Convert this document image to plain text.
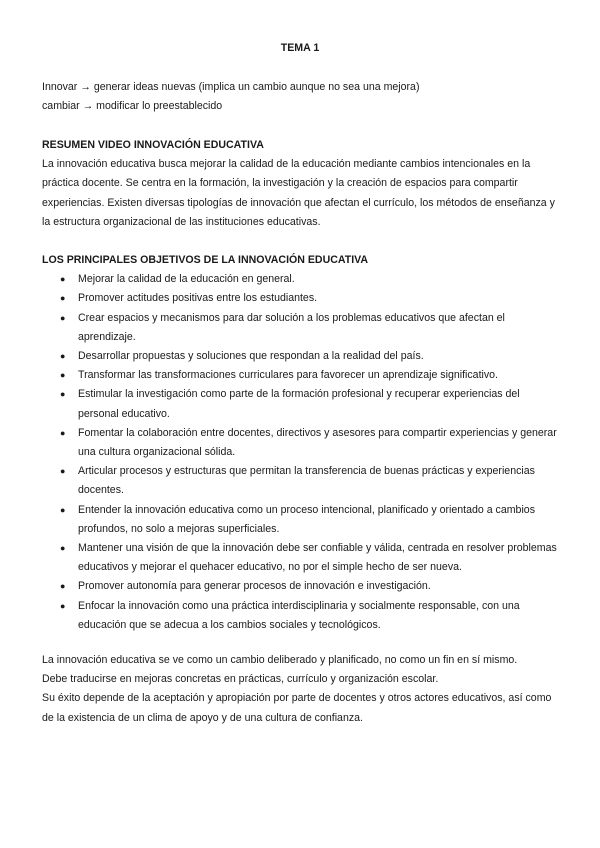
TEMA 1
Innovar → generar ideas nuevas (implica un cambio aunque no sea una mejora)
cambiar → modificar lo preestablecido
RESUMEN VIDEO INNOVACIÓN EDUCATIVA

La innovación educativa busca mejorar la calidad de la educación mediante cambios intencionales en la práctica docente. Se centra en la formación, la investigación y la creación de espacios para compartir experiencias. Existen diversas tipologías de innovación que afectan el currículo, los métodos de enseñanza y la estructura organizacional de las instituciones educativas.

LOS PRINCIPALES OBJETIVOS DE LA INNOVACIÓN EDUCATIVA
● Mejorar la calidad de la educación en general.
● Promover actitudes positivas entre los estudiantes.
● Crear espacios y mecanismos para dar solución a los problemas educativos que afectan el aprendizaje.
● Desarrollar propuestas y soluciones que respondan a la realidad del país.
● Transformar las transformaciones curriculares para favorecer un aprendizaje significativo.
● Estimular la investigación como parte de la formación profesional y recuperar experiencias del personal educativo.
● Fomentar la colaboración entre docentes, directivos y asesores para compartir experiencias y generar una cultura organizacional sólida.
● Articular procesos y estructuras que permitan la transferencia de buenas prácticas y experiencias docentes.
● Entender la innovación educativa como un proceso intencional, planificado y orientado a cambios profundos, no solo a mejoras superficiales.
● Mantener una visión de que la innovación debe ser confiable y válida, centrada en resolver problemas educativos y mejorar el quehacer educativo, no por el simple hecho de ser nueva.
● Promover autonomía para generar procesos de innovación e investigación.
● Enfocar la innovación como una práctica interdisciplinaria y socialmente responsable, con una educación que se adecua a los cambios sociales y tecnológicos.
La innovación educativa se ve como un cambio deliberado y planificado, no como un fin en sí mismo.
Debe traducirse en mejoras concretas en prácticas, currículo y organización escolar.

Su éxito depende de la aceptación y apropiación por parte de docentes y otros actores educativos, así como de la existencia de un clima de apoyo y de una cultura de confianza.
